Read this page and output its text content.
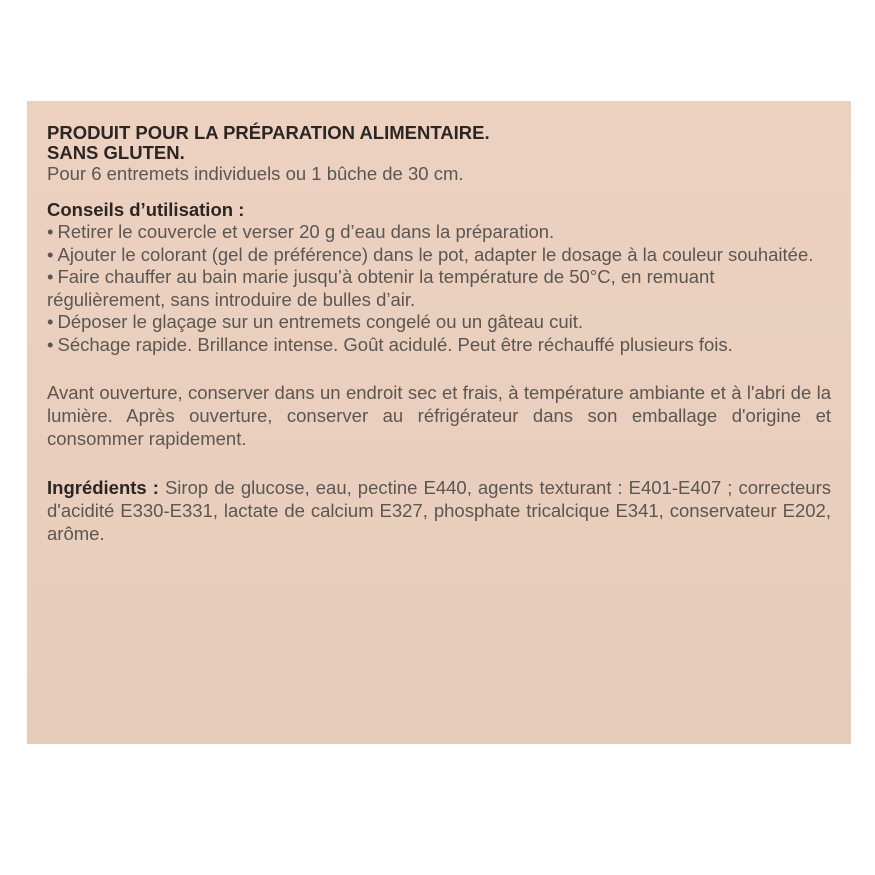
PRODUIT POUR LA PRÉPARATION ALIMENTAIRE.

SANS GLUTEN.

Pour 6 entremets individuels ou 1 bûche de 30 cm.

Conseils d’utilisation :

• Retirer le couvercle et verser 20 g d’eau dans la préparation.
• Ajouter le colorant (gel de préférence) dans le pot, adapter le dosage à la couleur souhaitée.
• Faire chauffer au bain marie jusqu’à obtenir la température de 50°C, en remuant régulièrement, sans introduire de bulles d’air.
• Déposer le glaçage sur un entremets congelé ou un gâteau cuit.
• Séchage rapide. Brillance intense. Goût acidulé. Peut être réchauffé plusieurs fois.

Avant ouverture, conserver dans un endroit sec et frais, à température ambiante et à l'abri de la lumière. Après ouverture, conserver au réfrigérateur dans son emballage d'origine et consommer rapidement.

Ingrédients : Sirop de glucose, eau, pectine E440, agents texturant : E401-E407 ; correcteurs d'acidité E330-E331, lactate de calcium E327, phosphate tricalcique E341, conservateur E202, arôme.
